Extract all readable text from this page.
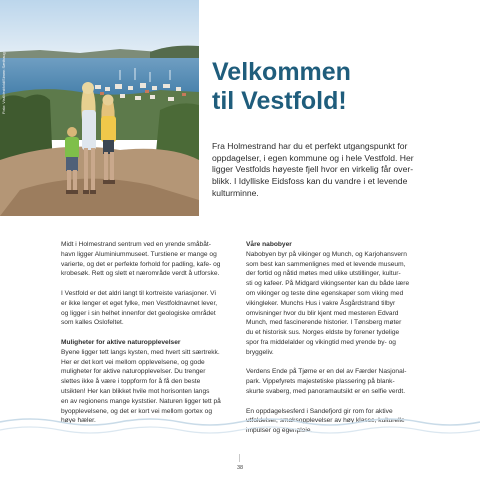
Foto: VisitVestfold/Simen Sæthaug	Velkommen
til Vestfold!

Fra Holmestrand har du et perfekt utgangspunkt for
oppdagelser, i egen kommune og i hele Vestfold. Her
ligger Vestfolds høyeste fjell hvor en virkelig får over-
blikk. I Idylliske Eidsfoss kan du vandre i et levende
kulturminne.

Midt i Holmestrand sentrum ved en yrende småbåt-
havn ligger Aluminiummuseet. Turstiene er mange og
varierte, og det er perfekte forhold for padling, kafe- og
krobesøk. Rett og slett et nærområde verdt å utforske.

I Vestfold er det aldri langt til kortreiste variasjoner. Vi
er ikke lenger et eget fylke, men Vestfoldnavnet lever,
og ligger i sin helhet innenfor det geologiske området
som kalles Oslofeltet.

Muligheter for aktive naturopplevelser
Byene ligger tett langs kysten, med hvert sitt særtrekk.
Her er det kort vei mellom opplevelsene, og gode
muligheter for aktive naturopplevelser. Du trenger
slettes ikke å være i toppform for å få den beste
utsikten! Her kan blikket hvile mot horisonten langs
en av regionens mange kyststier. Naturen ligger tett på
byopplevelsene, og det er kort vei mellom gortex og
høye hæler.

Våre nabobyer
Nabobyen byr på vikinger og Munch, og Karjohansvern
som best kan sammenlignes med et levende museum,
der fortid og nåtid møtes med ulike utstillinger, kultur-
sti og kafeer. På Midgard vikingsenter kan du både lære
om vikinger og teste dine egenskaper som viking med
vikingleker. Munchs Hus i vakre Åsgårdstrand tilbyr
omvisninger hvor du blir kjent med mesteren Edvard
Munch, med fascinerende historier. I Tønsberg møter
du et historisk sus. Norges eldste by forener tydelige
spor fra middelalder og vikingtid med yrende by- og
bryggeliv.

Verdens Ende på Tjøme er en del av Færder Nasjonal-
park. Vippefyrets majestetiske plassering på blank-
skurte svaberg, med panoramautsikt er en selfie verdt.

En oppdagelsesferd i Sandefjord gir rom for aktive
utfoldelser, smaksopplevelser av høy klasse, kulturelle
impulser og egenpleie.

38
